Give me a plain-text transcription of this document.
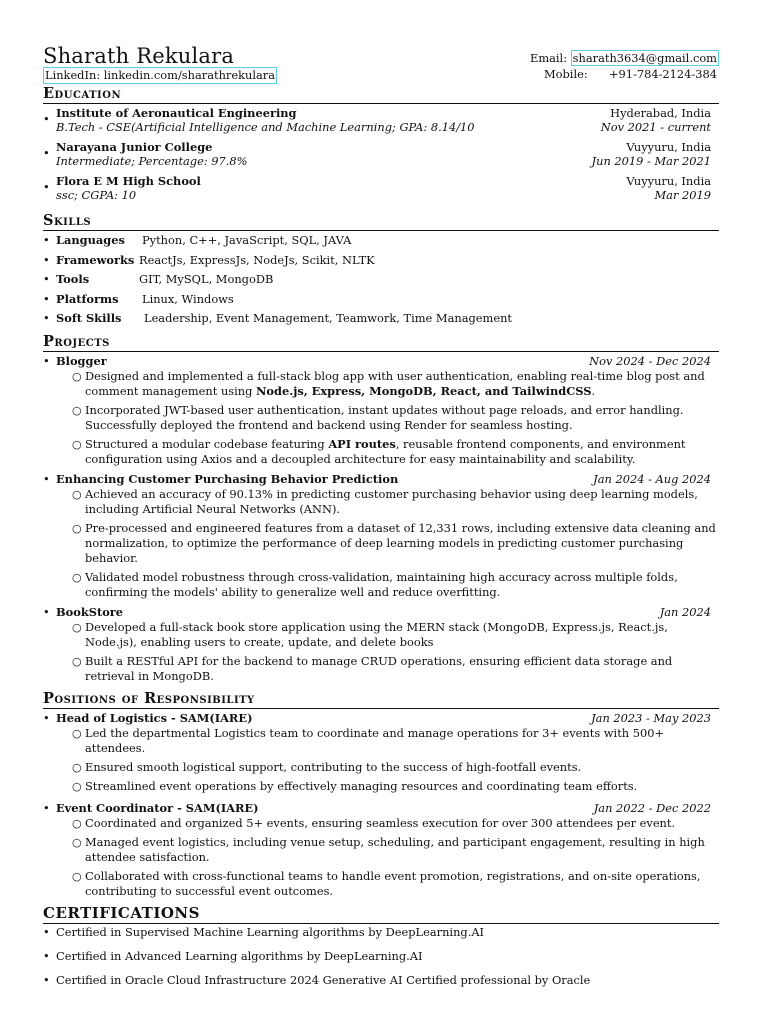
Sharath Rekulara
LinkedIn: linkedin.com/sharathrekulara
Email: sharath3634@gmail.com
Mobile: +91-784-2124-384
Education
• Institute of Aeronautical Engineering
B.Tech - CSE(Artificial Intelligence and Machine Learning; GPA: 8.14/10
Hyderabad, India
Nov 2021 - current
• Narayana Junior College
Intermediate; Percentage: 97.8%
Vuyyuru, India
Jun 2019 - Mar 2021
• Flora E M High School
ssc; CGPA: 10
Vuyyuru, India
Mar 2019
Skills
• Languages Python, C++, JavaScript, SQL, JAVA
• Frameworks ReactJs, ExpressJs, NodeJs, Scikit, NLTK
• Tools	GIT, MySQL, MongoDB
• Platforms Linux, Windows
• Soft Skills Leadership, Event Management, Teamwork, Time Management
Projects
• Blogger	Nov 2024 - Dec 2024
○ Designed and implemented a full-stack blog app with user authentication, enabling real-time blog post and comment management using Node.js, Express, MongoDB, React, and TailwindCSS.
○ Incorporated JWT-based user authentication, instant updates without page reloads, and error handling. Successfully deployed the frontend and backend using Render for seamless hosting.
○ Structured a modular codebase featuring API routes, reusable frontend components, and environment configuration using Axios and a decoupled architecture for easy maintainability and scalability.
• Enhancing Customer Purchasing Behavior Prediction	Jan 2024 - Aug 2024
○ Achieved an accuracy of 90.13% in predicting customer purchasing behavior using deep learning models, including Artificial Neural Networks (ANN).
○ Pre-processed and engineered features from a dataset of 12,331 rows, including extensive data cleaning and normalization, to optimize the performance of deep learning models in predicting customer purchasing behavior.
○ Validated model robustness through cross-validation, maintaining high accuracy across multiple folds, confirming the models' ability to generalize well and reduce overfitting.
• BookStore	Jan 2024
○ Developed a full-stack book store application using the MERN stack (MongoDB, Express.js, React.js, Node.js), enabling users to create, update, and delete books
○ Built a RESTful API for the backend to manage CRUD operations, ensuring efficient data storage and retrieval in MongoDB.
Positions of Responsibility
• Head of Logistics - SAM(IARE)	Jan 2023 - May 2023
○ Led the departmental Logistics team to coordinate and manage operations for 3+ events with 500+ attendees.
○ Ensured smooth logistical support, contributing to the success of high-footfall events.
○ Streamlined event operations by effectively managing resources and coordinating team efforts.
• Event Coordinator - SAM(IARE)	Jan 2022 - Dec 2022
○ Coordinated and organized 5+ events, ensuring seamless execution for over 300 attendees per event.
○ Managed event logistics, including venue setup, scheduling, and participant engagement, resulting in high attendee satisfaction.
○ Collaborated with cross-functional teams to handle event promotion, registrations, and on-site operations, contributing to successful event outcomes.
CERTIFICATIONS
• Certified in Supervised Machine Learning algorithms by DeepLearning.AI
• Certified in Advanced Learning algorithms by DeepLearning.AI
• Certified in Oracle Cloud Infrastructure 2024 Generative AI Certified professional by Oracle
